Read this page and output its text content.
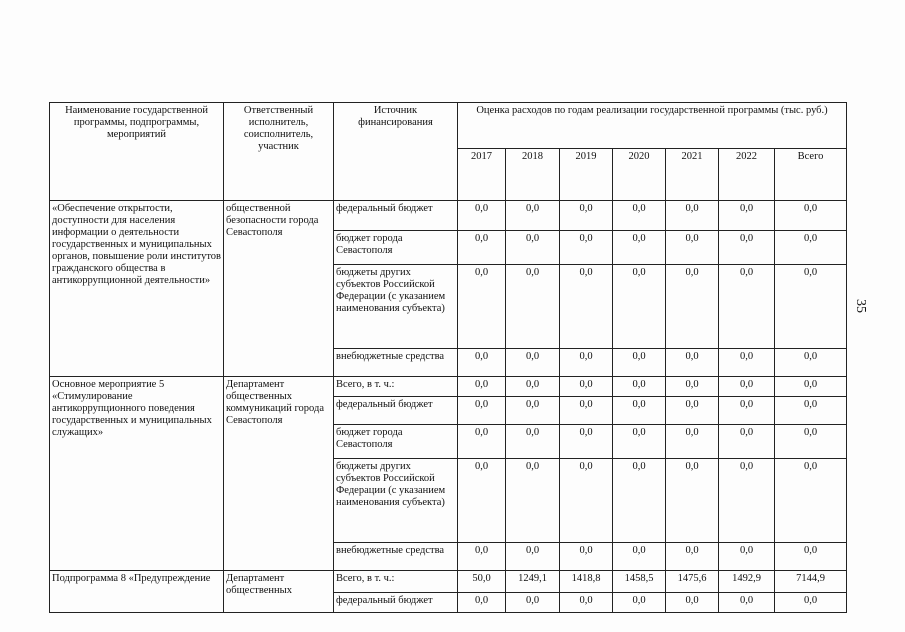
Наименование государственной программы, подпрограммы, мероприятий	Ответственный исполнитель, соисполнитель, участник	Источник финансирования	Оценка расходов по годам реализации государственной программы (тыс. руб.)						
			2017	2018	2019	2020	2021	2022	Всего
«Обеспечение открытости, доступности для населения информации о деятельности государственных и муниципальных органов, повышение роли институтов гражданского общества в антикоррупционной деятельности»	общественной безопасности города Севастополя	федеральный бюджет	0,0	0,0	0,0	0,0	0,0	0,0	0,0
		бюджет города Севастополя	0,0	0,0	0,0	0,0	0,0	0,0	0,0
		бюджеты других субъектов Российской Федерации (с указанием наименования субъекта)	0,0	0,0	0,0	0,0	0,0	0,0	0,0
		внебюджетные средства	0,0	0,0	0,0	0,0	0,0	0,0	0,0
Основное мероприятие 5 «Стимулирование антикоррупционного поведения государственных и муниципальных служащих»	Департамент общественных коммуникаций города Севастополя	Всего, в т. ч.:	0,0	0,0	0,0	0,0	0,0	0,0	0,0
		федеральный бюджет	0,0	0,0	0,0	0,0	0,0	0,0	0,0
		бюджет города Севастополя	0,0	0,0	0,0	0,0	0,0	0,0	0,0
		бюджеты других субъектов Российской Федерации (с указанием наименования субъекта)	0,0	0,0	0,0	0,0	0,0	0,0	0,0
		внебюджетные средства	0,0	0,0	0,0	0,0	0,0	0,0	0,0
Подпрограмма 8 «Предупреждение	Департамент общественных	Всего, в т. ч.:	50,0	1249,1	1418,8	1458,5	1475,6	1492,9	7144,9
		федеральный бюджет	0,0	0,0	0,0	0,0	0,0	0,0	0,0
35
